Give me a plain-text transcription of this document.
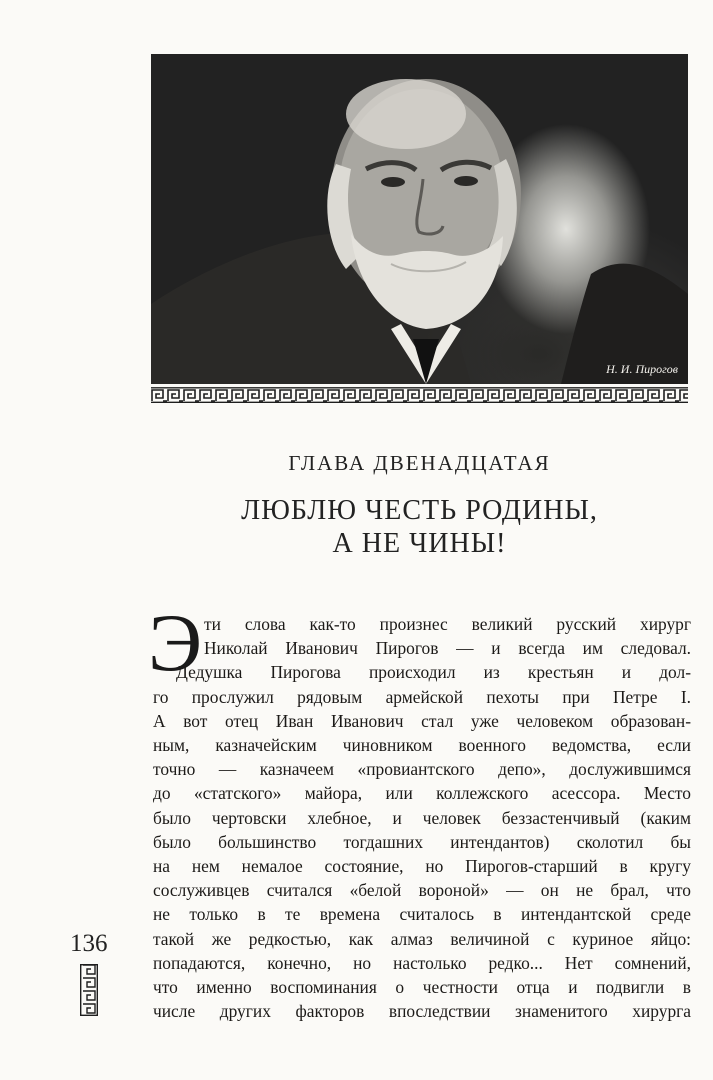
Н. И. Пирогов
ГЛАВА ДВЕНАДЦАТАЯ
ЛЮБЛЮ ЧЕСТЬ РОДИНЫ,
А НЕ ЧИНЫ!
Э ти слова как-то произнес великий русский хирург
Николай Иванович Пирогов — и всегда им следовал.
Дедушка Пирогова происходил из крестьян и дол-
го прослужил рядовым армейской пехоты при Петре I.
А вот отец Иван Иванович стал уже человеком образован-
ным, казначейским чиновником военного ведомства, если
точно — казначеем «провиантского депо», дослужившимся
до «статского» майора, или коллежского асессора. Место
было чертовски хлебное, и человек беззастенчивый (каким
было большинство тогдашних интендантов) сколотил бы
на нем немалое состояние, но Пирогов-старший в кругу
сослуживцев считался «белой вороной» — он не брал, что
не только в те времена считалось в интендантской среде
такой же редкостью, как алмаз величиной с куриное яйцо:
попадаются, конечно, но настолько редко... Нет сомнений,
что именно воспоминания о честности отца и подвигли в
числе других факторов впоследствии знаменитого хирурга
136
